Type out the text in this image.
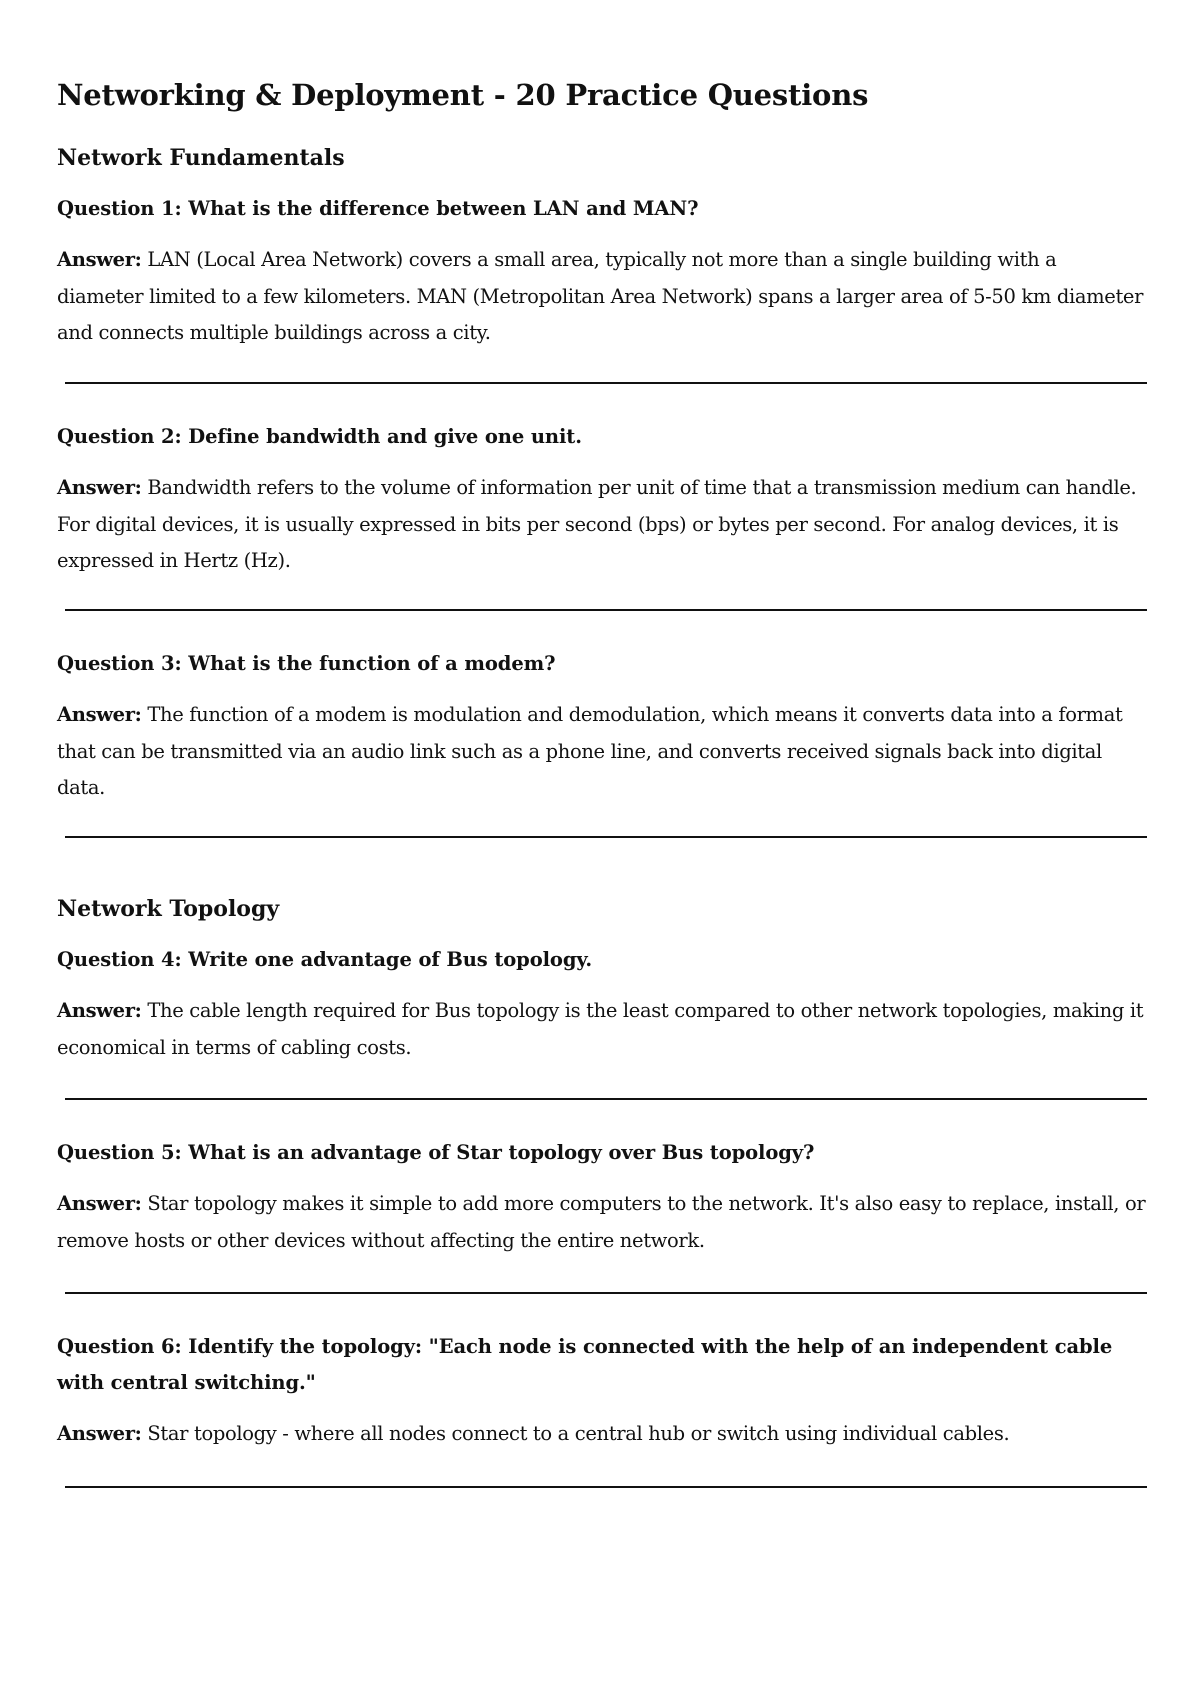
Networking & Deployment - 20 Practice Questions
Network Fundamentals

Question 1: What is the difference between LAN and MAN?

Answer: LAN (Local Area Network) covers a small area, typically not more than a single building with a diameter limited to a few kilometers. MAN (Metropolitan Area Network) spans a larger area of 5-50 km diameter and connects multiple buildings across a city.

Question 2: Define bandwidth and give one unit.

Answer: Bandwidth refers to the volume of information per unit of time that a transmission medium can handle. For digital devices, it is usually expressed in bits per second (bps) or bytes per second. For analog devices, it is expressed in Hertz (Hz).

Question 3: What is the function of a modem?

Answer: The function of a modem is modulation and demodulation, which means it converts data into a format that can be transmitted via an audio link such as a phone line, and converts received signals back into digital data.

Network Topology

Question 4: Write one advantage of Bus topology.

Answer: The cable length required for Bus topology is the least compared to other network topologies, making it economical in terms of cabling costs.

Question 5: What is an advantage of Star topology over Bus topology?

Answer: Star topology makes it simple to add more computers to the network. It's also easy to replace, install, or remove hosts or other devices without affecting the entire network.

Question 6: Identify the topology: "Each node is connected with the help of an independent cable with central switching."

Answer: Star topology - where all nodes connect to a central hub or switch using individual cables.
